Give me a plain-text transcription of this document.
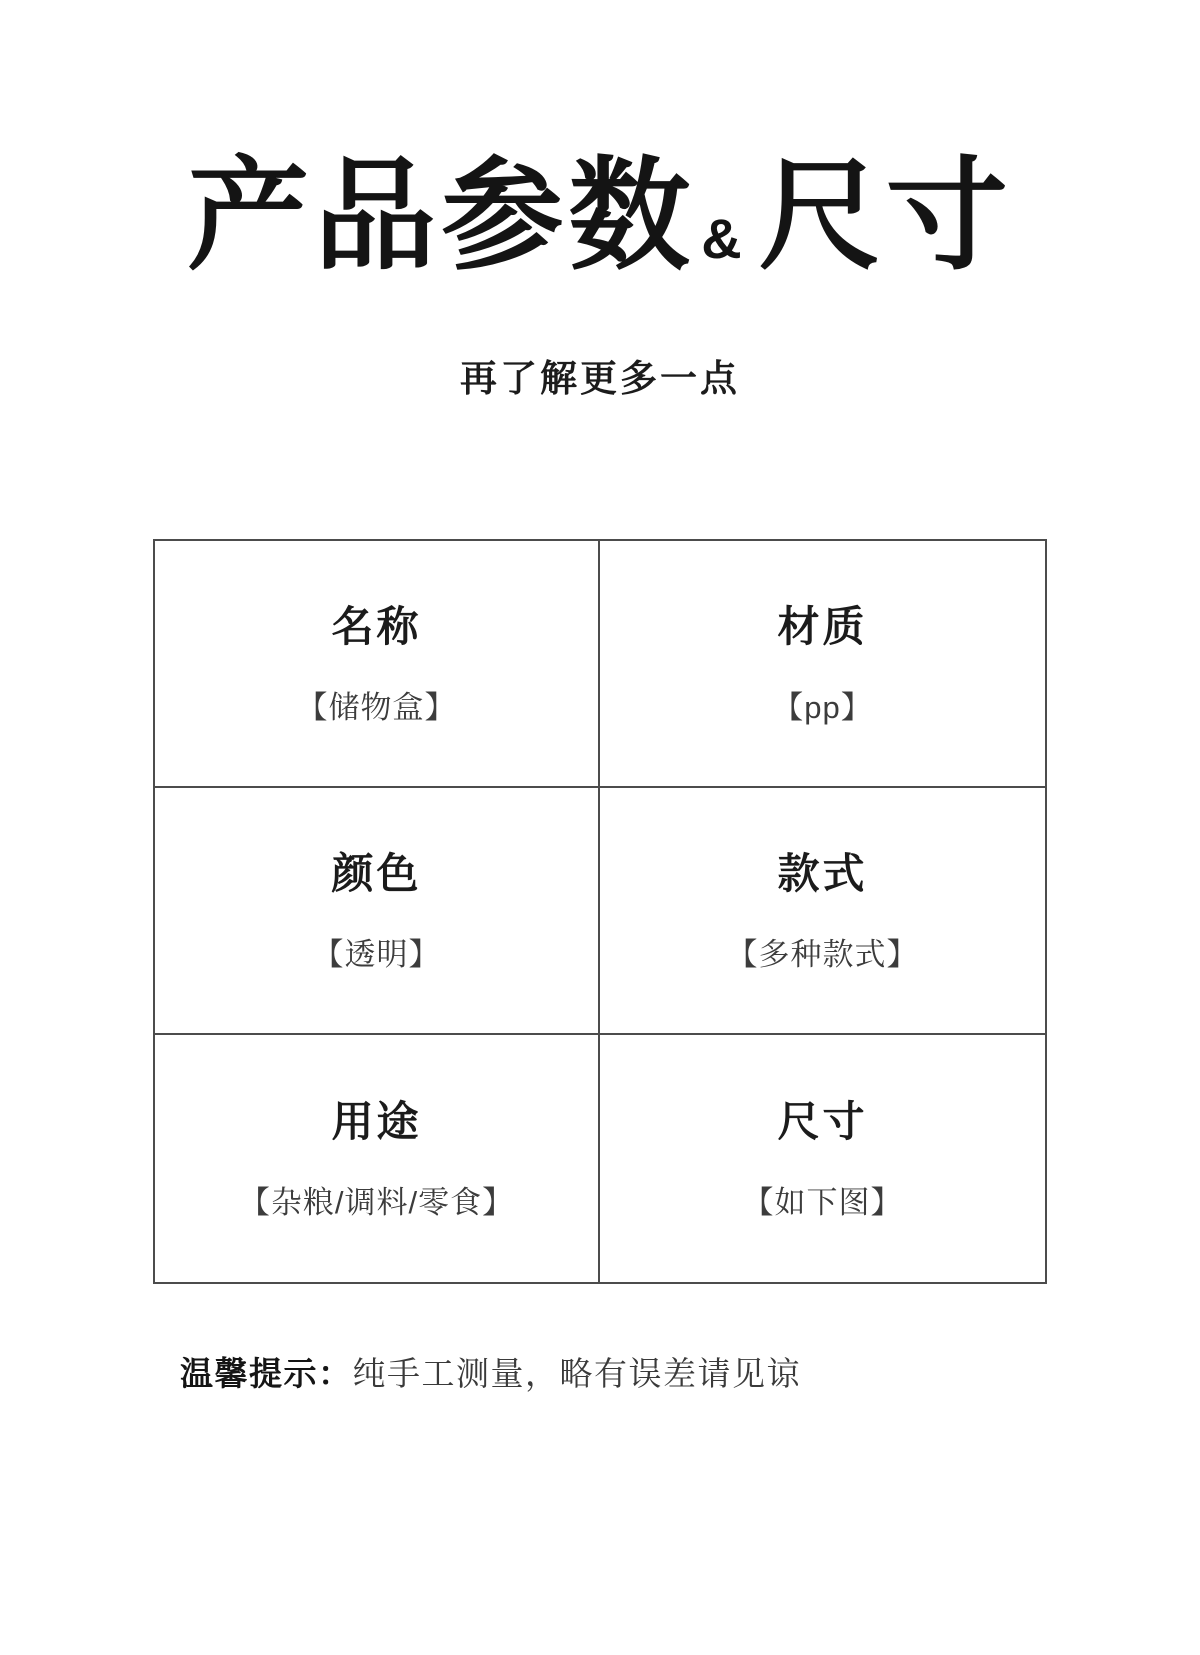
产品参数 & 尺寸
再了解更多一点
名称
【储物盒】
材质
【pp】
颜色
【透明】
款式
【多种款式】
用途
【杂粮/调料/零食】
尺寸
【如下图】
温馨提示：纯手工测量，略有误差请见谅
